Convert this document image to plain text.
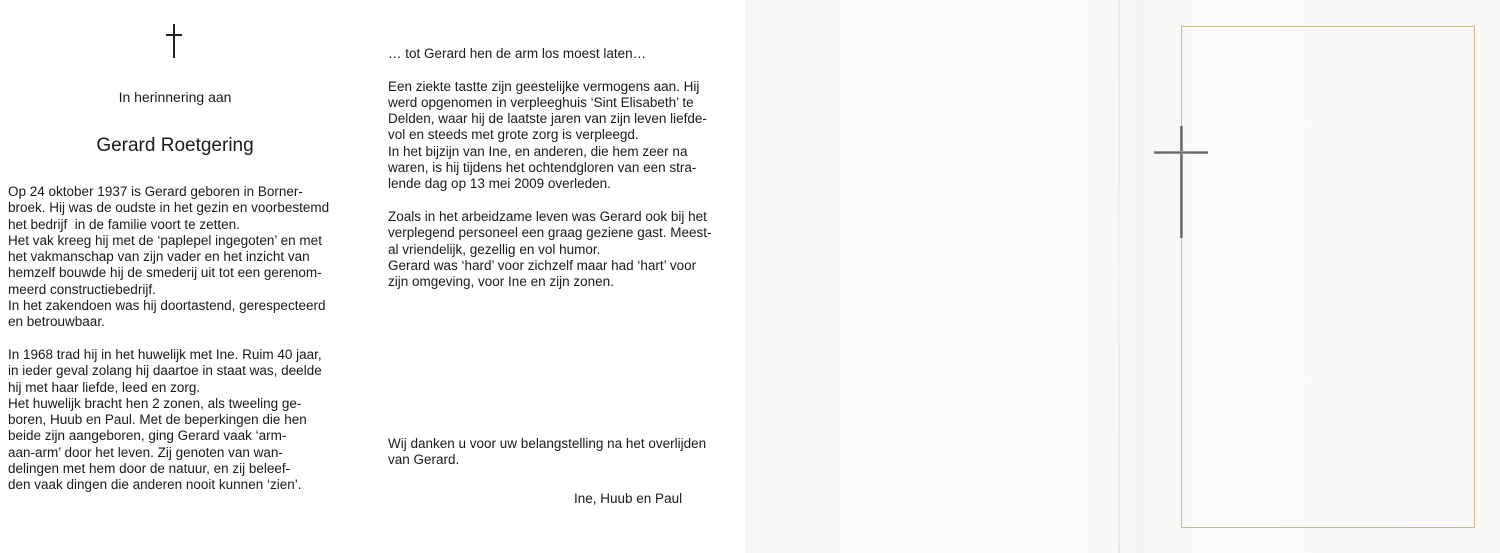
In herinnering aan
Gerard Roetgering
Op 24 oktober 1937 is Gerard geboren in Borner-
broek. Hij was de oudste in het gezin en voorbestemd
het bedrijf  in de familie voort te zetten.
Het vak kreeg hij met de ‘paplepel ingegoten’ en met
het vakmanschap van zijn vader en het inzicht van
hemzelf bouwde hij de smederij uit tot een gerenom-
meerd constructiebedrijf.
In het zakendoen was hij doortastend, gerespecteerd
en betrouwbaar.

In 1968 trad hij in het huwelijk met Ine. Ruim 40 jaar,
in ieder geval zolang hij daartoe in staat was, deelde
hij met haar liefde, leed en zorg.
Het huwelijk bracht hen 2 zonen, als tweeling ge-
boren, Huub en Paul. Met de beperkingen die hen
beide zijn aangeboren, ging Gerard vaak ‘arm-
aan-arm’ door het leven. Zij genoten van wan-
delingen met hem door de natuur, en zij beleef-
den vaak dingen die anderen nooit kunnen ‘zien’.
… tot Gerard hen de arm los moest laten…

Een ziekte tastte zijn geestelijke vermogens aan. Hij
werd opgenomen in verpleeghuis ‘Sint Elisabeth’ te
Delden, waar hij de laatste jaren van zijn leven liefde-
vol en steeds met grote zorg is verpleegd.
In het bijzijn van Ine, en anderen, die hem zeer na
waren, is hij tijdens het ochtendgloren van een stra-
lende dag op 13 mei 2009 overleden.

Zoals in het arbeidzame leven was Gerard ook bij het
verplegend personeel een graag geziene gast. Meest-
al vriendelijk, gezellig en vol humor.
Gerard was ‘hard’ voor zichzelf maar had ‘hart’ voor
zijn omgeving, voor Ine en zijn zonen.
Wij danken u voor uw belangstelling na het overlijden
van Gerard.
Ine, Huub en Paul
